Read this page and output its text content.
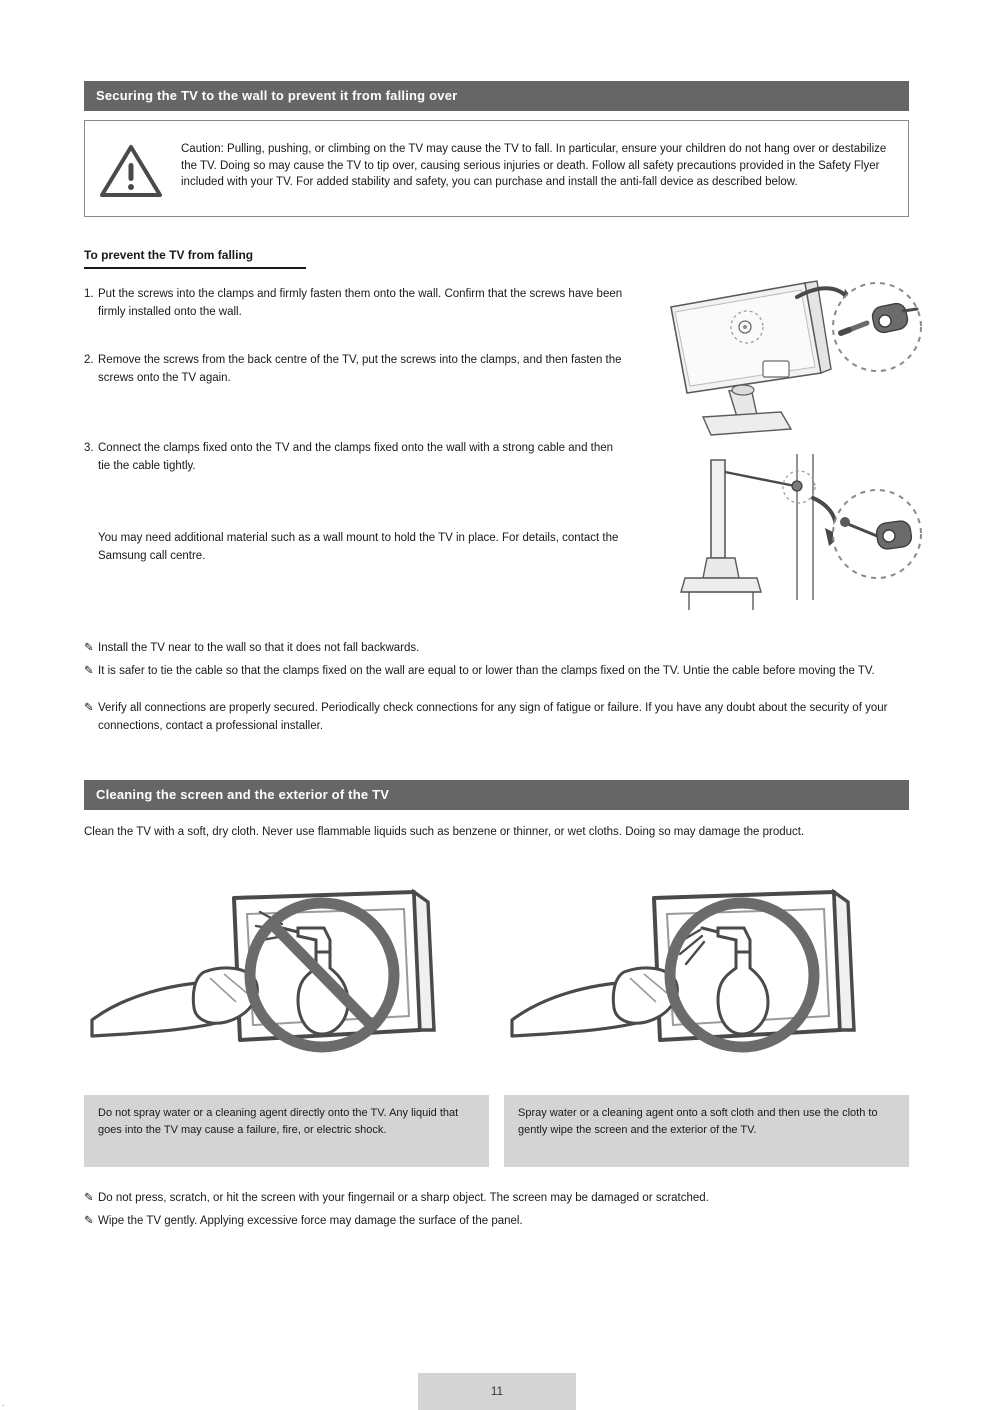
Securing the TV to the wall to prevent it from falling over
Caution: Pulling, pushing, or climbing on the TV may cause the TV to fall. In particular, ensure your children do not hang over or destabilize the TV. Doing so may cause the TV to tip over, causing serious injuries or death. Follow all safety precautions provided in the Safety Flyer included with your TV. For added stability and safety, you can purchase and install the anti-fall device as described below.
To prevent the TV from falling
1. Put the screws into the clamps and firmly fasten them onto the wall. Confirm that the screws have been firmly installed onto the wall.
2. Remove the screws from the back centre of the TV, put the screws into the clamps, and then fasten the screws onto the TV again.
3. Connect the clamps fixed onto the TV and the clamps fixed onto the wall with a strong cable and then tie the cable tightly.
You may need additional material such as a wall mount to hold the TV in place. For details, contact the Samsung call centre.
✎ Install the TV near to the wall so that it does not fall backwards.
✎ It is safer to tie the cable so that the clamps fixed on the wall are equal to or lower than the clamps fixed on the TV. Untie the cable before moving the TV.
✎ Verify all connections are properly secured. Periodically check connections for any sign of fatigue or failure. If you have any doubt about the security of your connections, contact a professional installer.
Cleaning the screen and the exterior of the TV
Clean the TV with a soft, dry cloth. Never use flammable liquids such as benzene or thinner, or wet cloths. Doing so may damage the product.
Do not spray water or a cleaning agent directly onto the TV. Any liquid that goes into the TV may cause a failure, fire, or electric shock.
Spray water or a cleaning agent onto a soft cloth and then use the cloth to gently wipe the screen and the exterior of the TV.
✎ Do not press, scratch, or hit the screen with your fingernail or a sharp object. The screen may be damaged or scratched.
✎ Wipe the TV gently. Applying excessive force may damage the surface of the panel.
11
.
